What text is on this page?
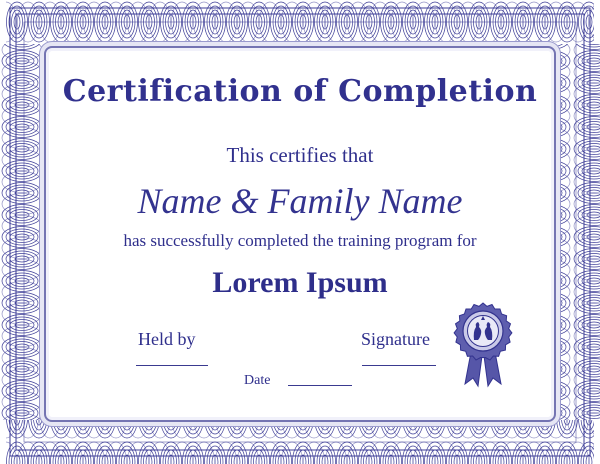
Certification of Completion
This certifies that
Name & Family Name
has successfully completed the training program for
Lorem Ipsum
Held by	Signature
Date
